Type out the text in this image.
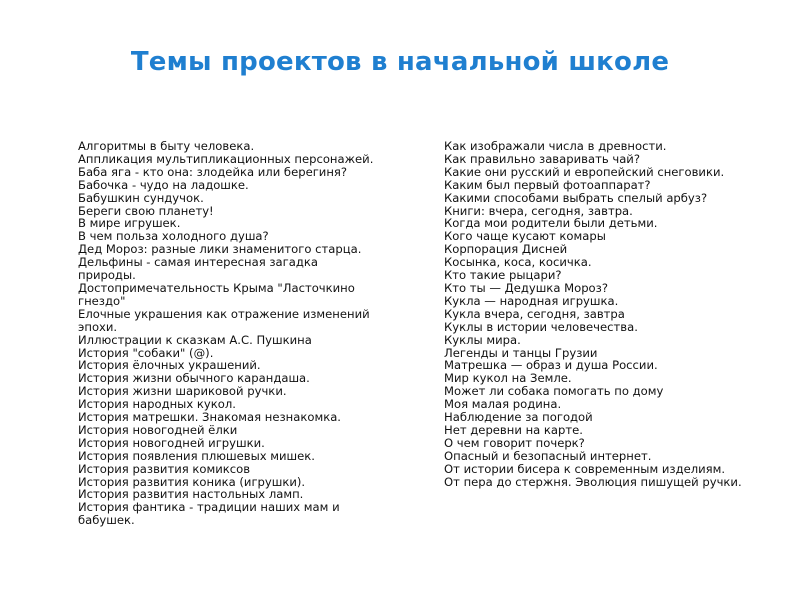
Темы проектов в начальной школе
Алгоритмы в быту человека.
Аппликация мультипликационных персонажей.
Баба яга - кто она: злодейка или берегиня?
Бабочка - чудо на ладошке.
Бабушкин сундучок.
Береги свою планету!
В мире игрушек.
В чем польза холодного душа?
Дед Мороз: разные лики знаменитого старца.
Дельфины - самая интересная загадка природы.
Достопримечательность Крыма "Ласточкино гнездо"
Елочные украшения как отражение изменений эпохи.
Иллюстрации к сказкам А.С. Пушкина
История "собаки" (@).
История ёлочных украшений.
История жизни обычного карандаша.
История жизни шариковой ручки.
История народных кукол.
История матрешки. Знакомая незнакомка.
История новогодней ёлки
История новогодней игрушки.
История появления плюшевых мишек.
История развития комиксов
История развития коника (игрушки).
История развития настольных ламп.
История фантика - традиции наших мам и бабушек.
Как изображали числа в древности.
Как правильно заваривать чай?
Какие они русский и европейский снеговики.
Каким был первый фотоаппарат?
Какими способами выбрать спелый арбуз?
Книги: вчера, сегодня, завтра.
Когда мои родители были детьми.
Кого чаще кусают комары
Корпорация Дисней
Косынка, коса, косичка.
Кто такие рыцари?
Кто ты — Дедушка Мороз?
Кукла — народная игрушка.
Кукла вчера, сегодня, завтра
Куклы в истории человечества.
Куклы мира.
Легенды и танцы Грузии
Матрешка — образ и душа России.
Мир кукол на Земле.
Может ли собака помогать по дому
Моя малая родина.
Наблюдение за погодой
Нет деревни на карте.
О чем говорит почерк?
Опасный и безопасный интернет.
От истории бисера к современным изделиям.
От пера до стержня. Эволюция пишущей ручки.
